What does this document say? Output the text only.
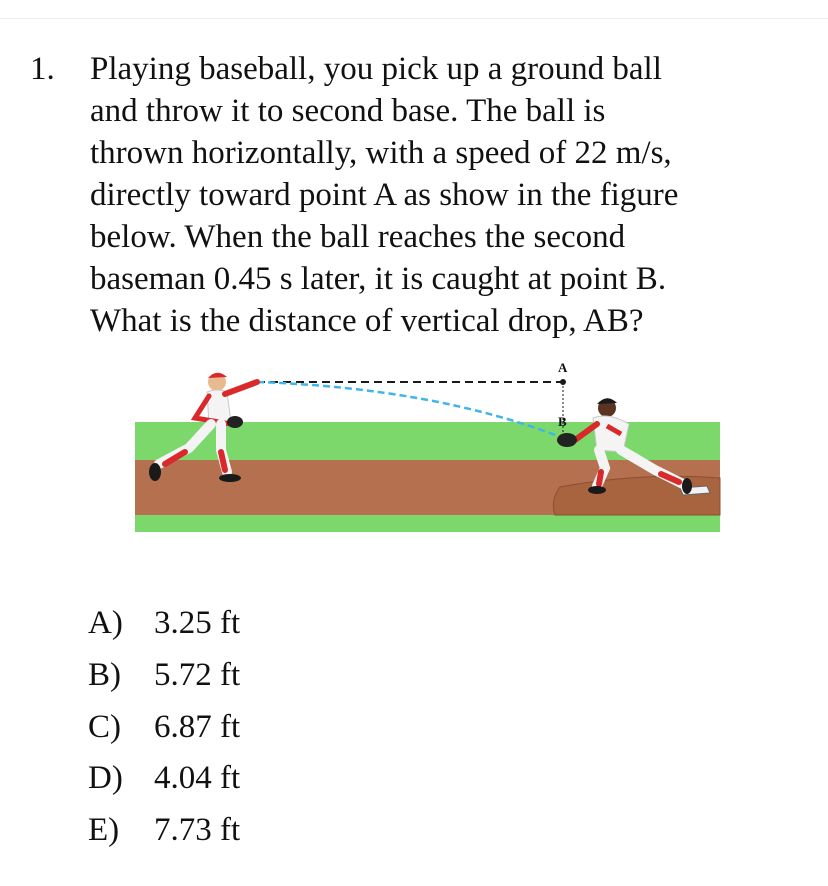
1. Playing baseball, you pick up a ground ball
and throw it to second base. The ball is
thrown horizontally, with a speed of 22 m/s,
directly toward point A as show in the figure
below. When the ball reaches the second
baseman 0.45 s later, it is caught at point B.
What is the distance of vertical drop, AB?
A
B
A) 3.25 ft
B) 5.72 ft
C) 6.87 ft
D) 4.04 ft
E) 7.73 ft
